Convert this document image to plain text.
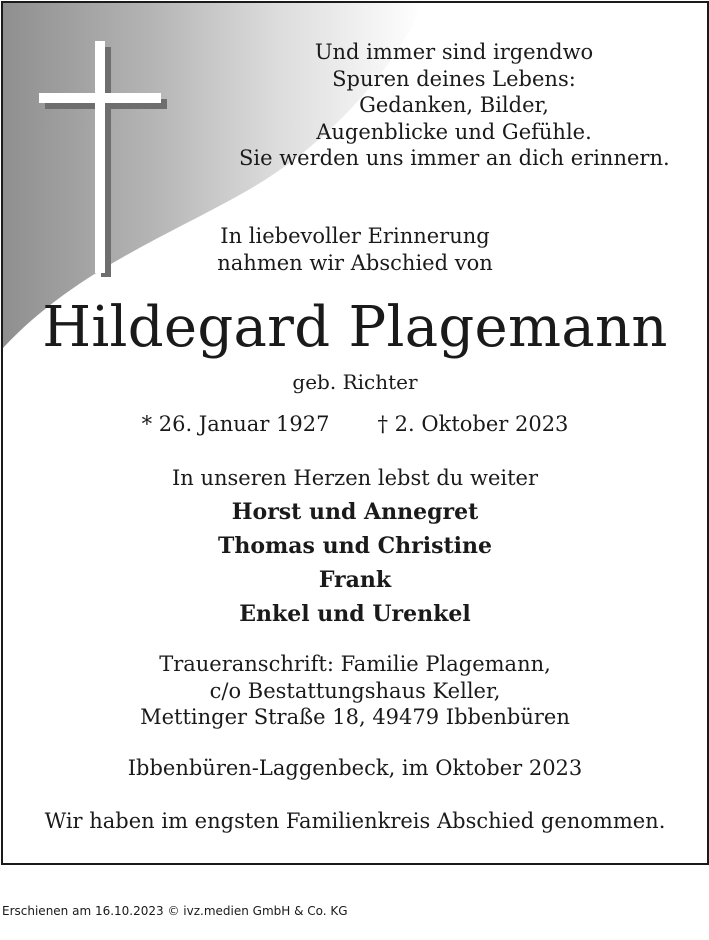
Und immer sind irgendwo
Spuren deines Lebens:
Gedanken, Bilder,
Augenblicke und Gefühle.
Sie werden uns immer an dich erinnern.
In liebevoller Erinnerung
nahmen wir Abschied von
Hildegard Plagemann
geb. Richter
* 26. Januar 1927 † 2. Oktober 2023
In unseren Herzen lebst du weiter
Horst und Annegret
Thomas und Christine
Frank
Enkel und Urenkel
Traueranschrift: Familie Plagemann,
c/o Bestattungshaus Keller,
Mettinger Straße 18, 49479 Ibbenbüren
Ibbenbüren-Laggenbeck, im Oktober 2023
Wir haben im engsten Familienkreis Abschied genommen.
Erschienen am 16.10.2023 © ivz.medien GmbH & Co. KG
